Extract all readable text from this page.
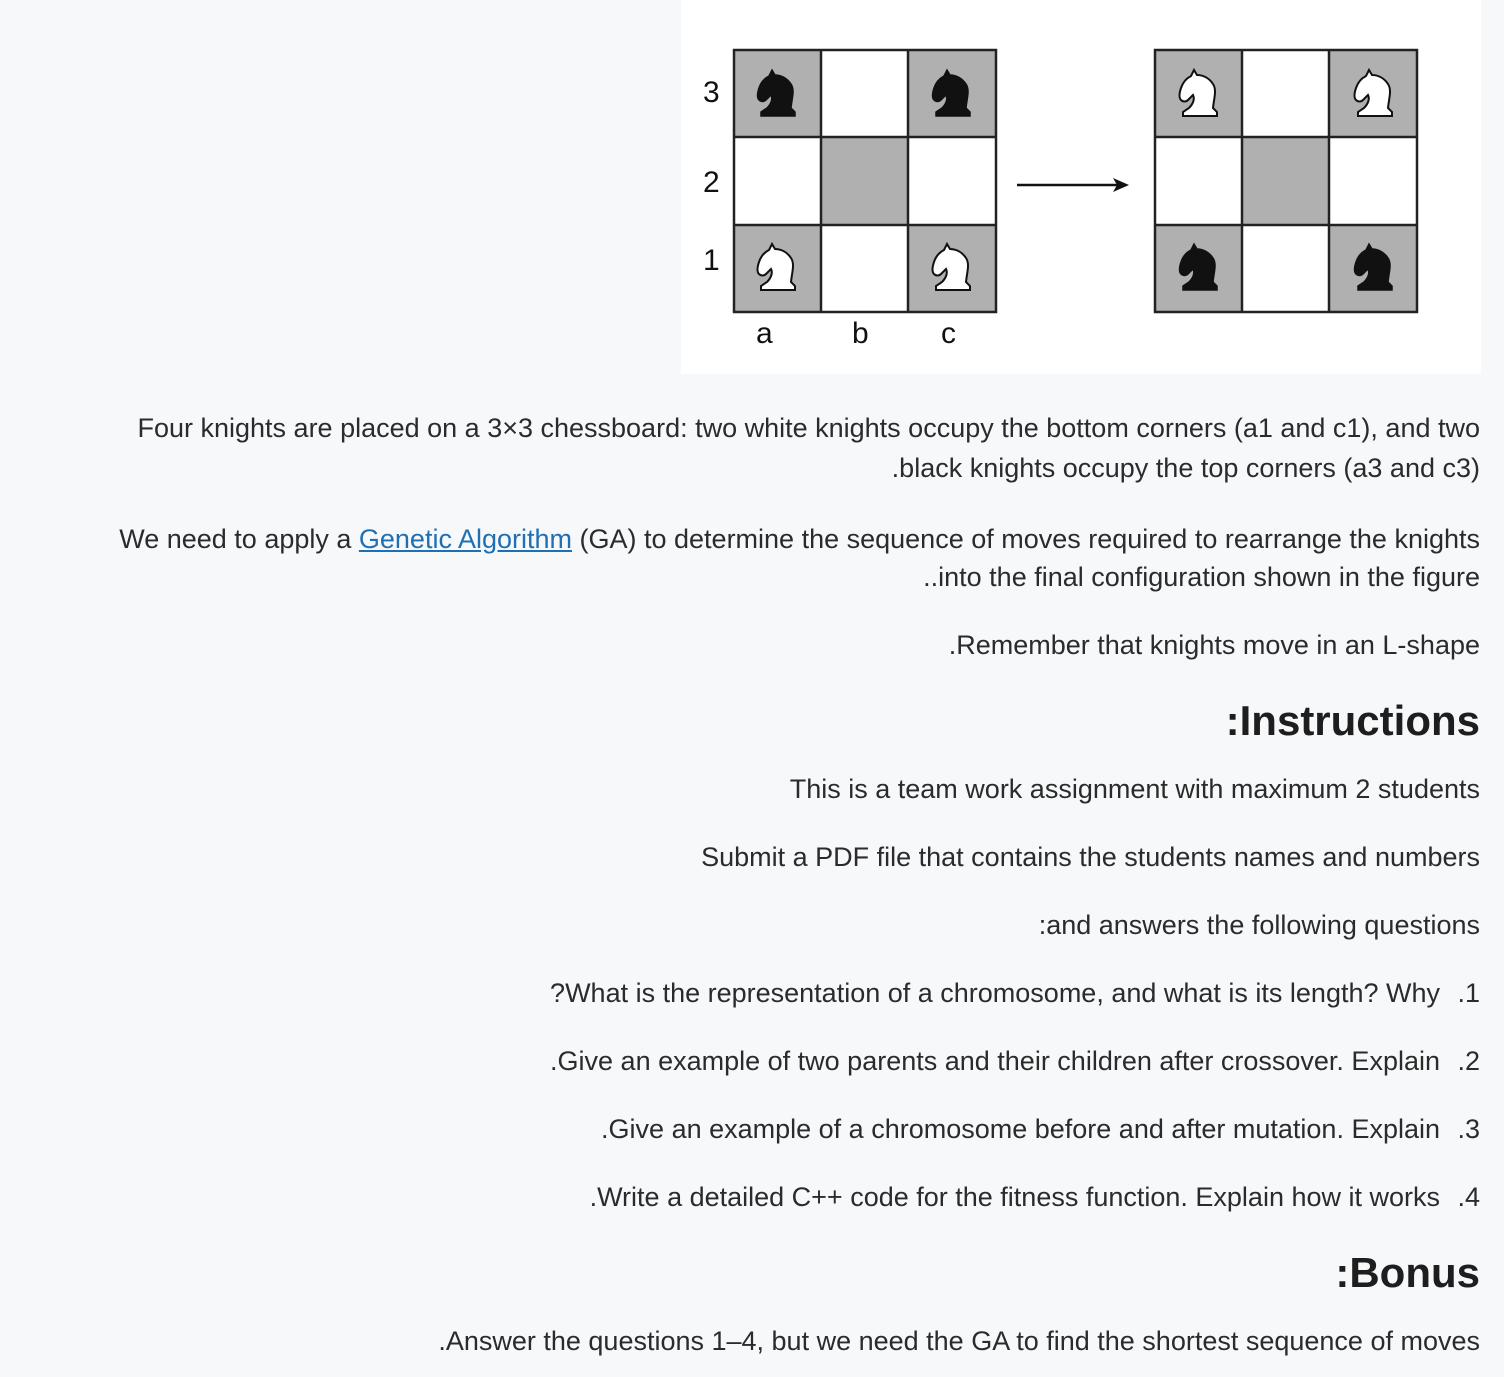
3
2
1
a	b c

Four knights are placed on a 3×3 chessboard: two white knights occupy the bottom corners (a1 and c1), and two
.black knights occupy the top corners (a3 and c3)

We need to apply a Genetic Algorithm (GA) to determine the sequence of moves required to rearrange the knights
..into the final configuration shown in the figure

.Remember that knights move in an L-shape

:Instructions

This is a team work assignment with maximum 2 students

Submit a PDF file that contains the students names and numbers

:and answers the following questions

?What is the representation of a chromosome, and what is its length? Why .1

.Give an example of two parents and their children after crossover. Explain .2

.Give an example of a chromosome before and after mutation. Explain .3

.Write a detailed C++ code for the fitness function. Explain how it works .4

:Bonus

.Answer the questions 1–4, but we need the GA to find the shortest sequence of moves
